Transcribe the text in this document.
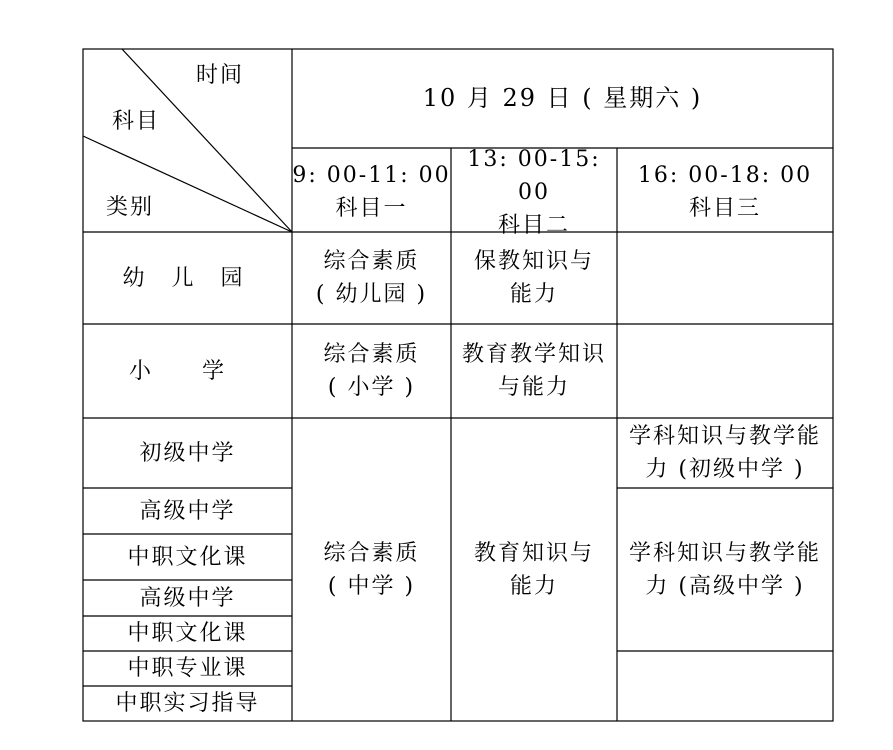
时间
科目
类别
10 月 29 日 ( 星期六 )
9: 00-11: 00
科目一
13: 00-15: 00
科目二
16: 00-18: 00
科目三
幼 儿 园
小 学
初级中学
高级中学
中职文化课
高级中学
中职文化课
中职专业课
中职实习指导
综合素质
( 幼儿园 )
保教知识与
能力
综合素质
( 小学 )
教育教学知识
与能力
综合素质
( 中学 )
教育知识与
能力
学科知识与教学能
力 (初级中学 )
学科知识与教学能
力 (高级中学 )
